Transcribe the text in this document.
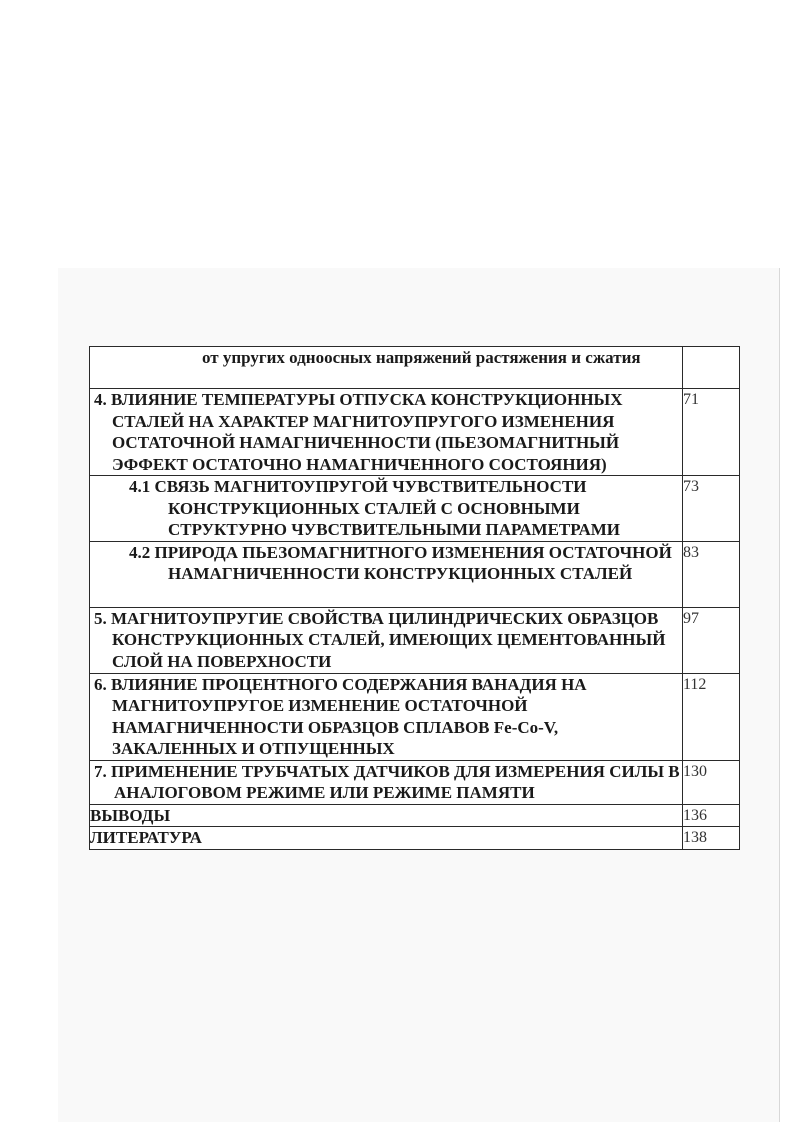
от упругих одноосных напряжений растяжения и сжатия	

4. ВЛИЯНИЕ ТЕМПЕРАТУРЫ ОТПУСКА КОНСТРУКЦИОННЫХ СТАЛЕЙ НА ХАРАКТЕР МАГНИТОУПРУГОГО ИЗМЕНЕНИЯ ОСТАТОЧНОЙ НАМАГНИЧЕННОСТИ (ПЬЕЗОМАГНИТНЫЙ ЭФФЕКТ ОСТАТОЧНО НАМАГНИЧЕННОГО СОСТОЯНИЯ)	71

4.1 СВЯЗЬ МАГНИТОУПРУГОЙ ЧУВСТВИТЕЛЬНОСТИ КОНСТРУКЦИОННЫХ СТАЛЕЙ С ОСНОВНЫМИ СТРУКТУРНО ЧУВСТВИТЕЛЬНЫМИ ПАРАМЕТРАМИ	73

4.2 ПРИРОДА ПЬЕЗОМАГНИТНОГО ИЗМЕНЕНИЯ ОСТАТОЧНОЙ НАМАГНИЧЕННОСТИ КОНСТРУКЦИОННЫХ СТАЛЕЙ	83

5. МАГНИТОУПРУГИЕ СВОЙСТВА ЦИЛИНДРИЧЕСКИХ ОБРАЗЦОВ КОНСТРУКЦИОННЫХ СТАЛЕЙ, ИМЕЮЩИХ ЦЕМЕНТОВАННЫЙ СЛОЙ НА ПОВЕРХНОСТИ	97

6. ВЛИЯНИЕ ПРОЦЕНТНОГО СОДЕРЖАНИЯ ВАНАДИЯ НА МАГНИТОУПРУГОЕ ИЗМЕНЕНИЕ ОСТАТОЧНОЙ НАМАГНИЧЕННОСТИ ОБРАЗЦОВ СПЛАВОВ Fe-Co-V, ЗАКАЛЕННЫХ И ОТПУЩЕННЫХ	112

7. ПРИМЕНЕНИЕ ТРУБЧАТЫХ ДАТЧИКОВ ДЛЯ ИЗМЕРЕНИЯ СИЛЫ В АНАЛОГОВОМ РЕЖИМЕ ИЛИ РЕЖИМЕ ПАМЯТИ	130

ВЫВОДЫ	136

ЛИТЕРАТУРА	138
